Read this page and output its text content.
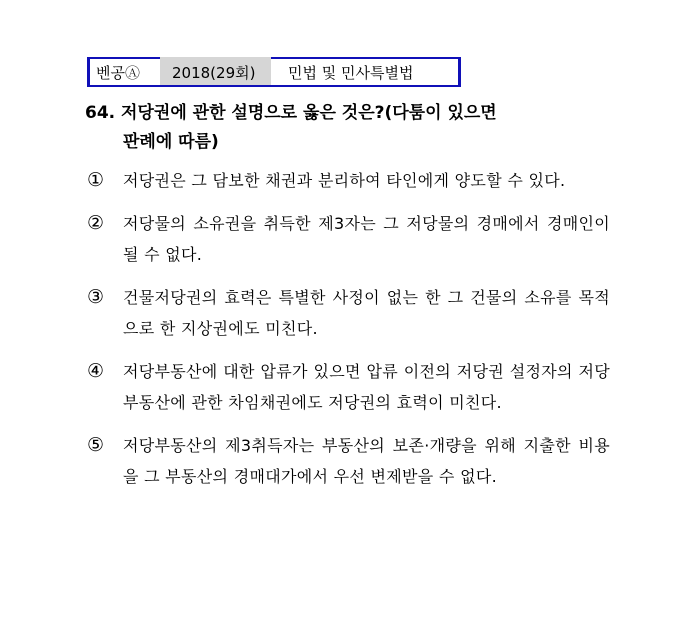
벤공Ⓐ	2018(29회)	민법 및 민사특별법
64. 저당권에 관한 설명으로 옳은 것은?(다툼이 있으면
판례에 따름)
① 저당권은 그 담보한 채권과 분리하여 타인에게 양도할 수 있다.
② 저당물의 소유권을 취득한 제3자는 그 저당물의 경매에서 경매인이 될 수 없다.
③ 건물저당권의 효력은 특별한 사정이 없는 한 그 건물의 소유를 목적으로 한 지상권에도 미친다.
④ 저당부동산에 대한 압류가 있으면 압류 이전의 저당권 설정자의 저당부동산에 관한 차임채권에도 저당권의 효력이 미친다.
⑤ 저당부동산의 제3취득자는 부동산의 보존·개량을 위해 지출한 비용을 그 부동산의 경매대가에서 우선 변제받을 수 없다.
